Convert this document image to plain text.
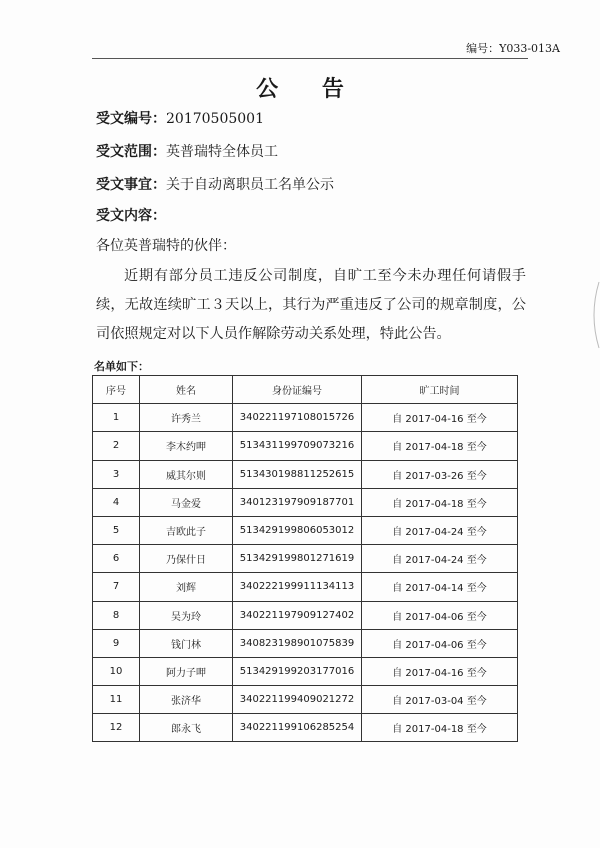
编号：Y033-013A
公 告
受文编号：20170505001
受文范围：英普瑞特全体员工
受文事宜：关于自动离职员工名单公示
受文内容：
各位英普瑞特的伙伴：
近期有部分员工违反公司制度，自旷工至今未办理任何请假手续，无故连续旷工３天以上，其行为严重违反了公司的规章制度，公司依照规定对以下人员作解除劳动关系处理，特此公告。
名单如下：
序号	姓名	身份证编号	旷工时间
1	许秀兰	340221197108015726	自 2017-04-16 至今
2	李木约呷	513431199709073216	自 2017-04-18 至今
3	威其尔则	513430198811252615	自 2017-03-26 至今
4	马金爱	340123197909187701	自 2017-04-18 至今
5	吉欧此子	513429199806053012	自 2017-04-24 至今
6	乃保什日	513429199801271619	自 2017-04-24 至今
7	刘辉	340222199911134113	自 2017-04-14 至今
8	吴为玲	340221197909127402	自 2017-04-06 至今
9	钱门林	340823198901075839	自 2017-04-06 至今
10	阿力子呷	513429199203177016	自 2017-04-16 至今
11	张济华	340221199409021272	自 2017-03-04 至今
12	郎永飞	340221199106285254	自 2017-04-18 至今
